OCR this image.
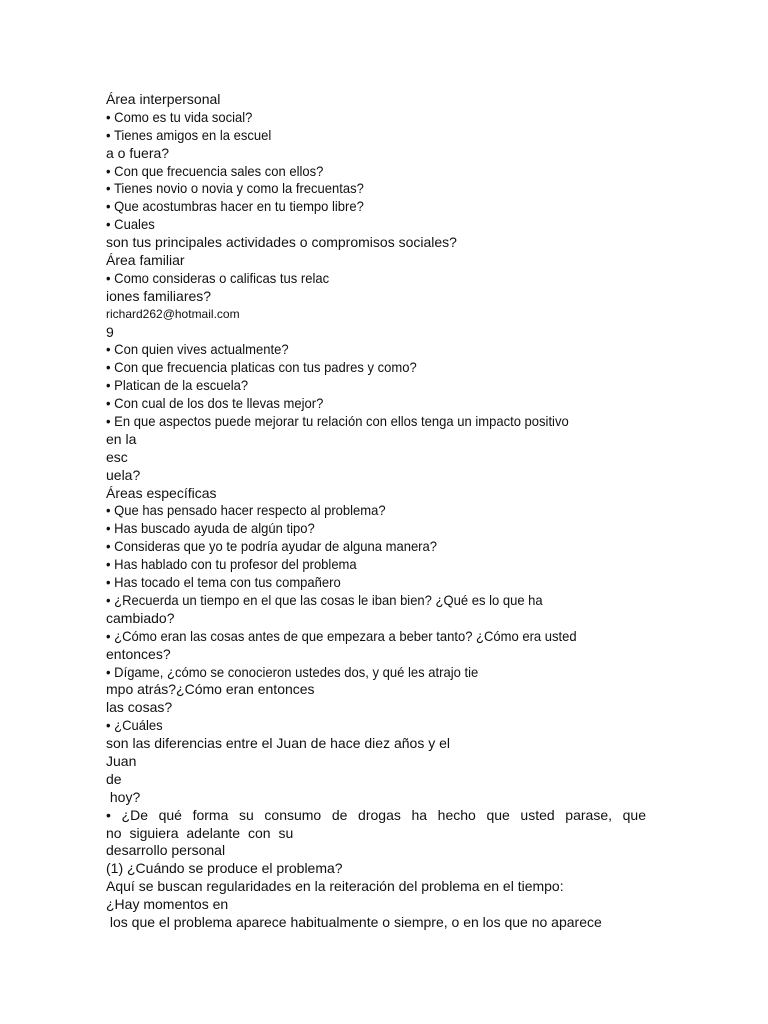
Área interpersonal
• Como es tu vida social?
• Tienes amigos en la escuel
a o fuera?
• Con que frecuencia sales con ellos?
• Tienes novio o novia y como la frecuentas?
• Que acostumbras hacer en tu tiempo libre?
• Cuales
son tus principales actividades o compromisos sociales?
Área familiar
• Como consideras o calificas tus relac
iones familiares?
richard262@hotmail.com
9
• Con quien vives actualmente?
• Con que frecuencia platicas con tus padres y como?
• Platican de la escuela?
• Con cual de los dos te llevas mejor?
• En que aspectos puede mejorar tu relación con ellos tenga un impacto positivo
en la
esc
uela?
Áreas específicas
• Que has pensado hacer respecto al problema?
• Has buscado ayuda de algún tipo?
• Consideras que yo te podría ayudar de alguna manera?
• Has hablado con tu profesor del problema
• Has tocado el tema con tus compañero
• ¿Recuerda un tiempo en el que las cosas le iban bien? ¿Qué es lo que ha
cambiado?
• ¿Cómo eran las cosas antes de que empezara a beber tanto? ¿Cómo era usted
entonces?
• Dígame, ¿cómo se conocieron ustedes dos, y qué les atrajo tie
mpo atrás?¿Cómo eran entonces
las cosas?
• ¿Cuáles
son las diferencias entre el Juan de hace diez años y el
Juan
de
hoy?
• ¿De qué forma su consumo de drogas ha hecho que usted parase, que
no siguiera adelante con su
desarrollo personal
(1) ¿Cuándo se produce el problema?
Aquí se buscan regularidades en la reiteración del problema en el tiempo:
¿Hay momentos en
los que el problema aparece habitualmente o siempre, o en los que no aparece
